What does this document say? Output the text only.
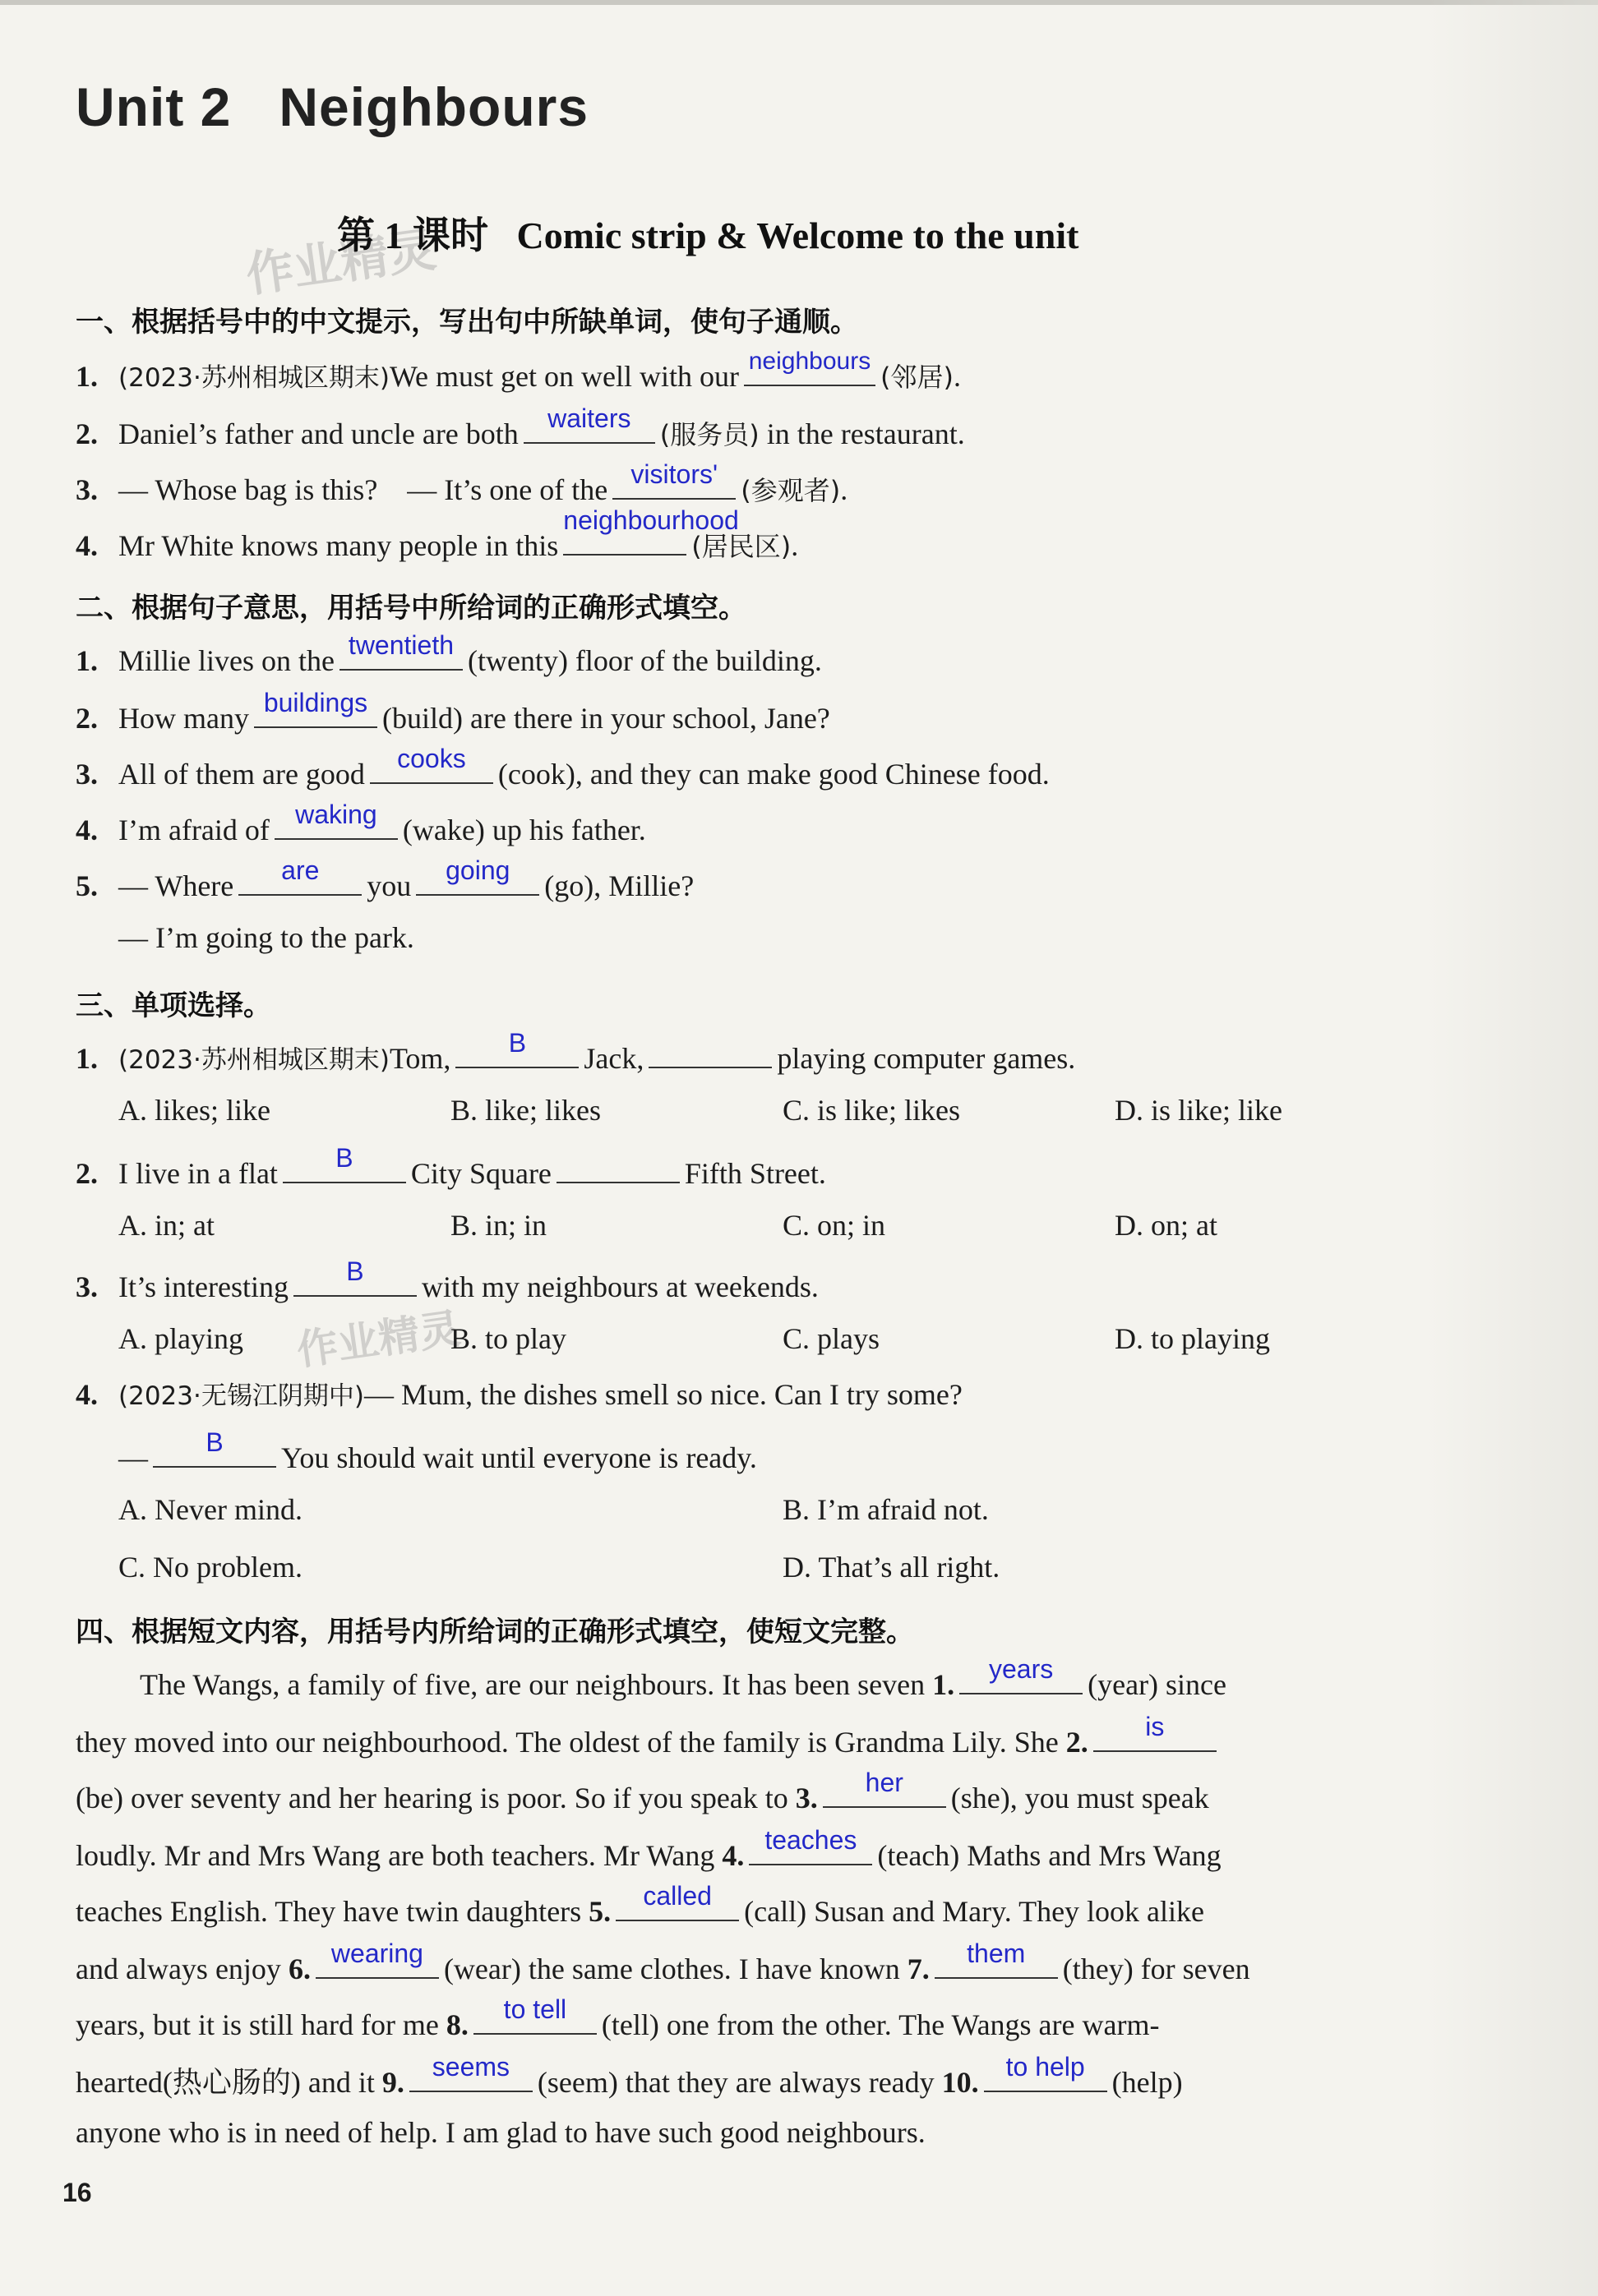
Unit 2   Neighbours
作业精灵
第 1 课时   Comic strip & Welcome to the unit
一、根据括号中的中文提示，写出句中所缺单词，使句子通顺。
1. (2023·苏州相城区期末)We must get on well with our neighbours
(邻居).
2. Daniel’s father and uncle are both	waiters
(服务员) in the restaurant.
3. — Whose bag is this?    — It’s one of the visitors'
(参观者).
4. Mr White knows many people in this
neighbourhood
(居民区).
二、根据句子意思，用括号中所给词的正确形式填空。
1. Millie lives on the twentieth (twenty) floor of the building.
2. How many buildings (build) are there in your school, Jane?
3. All of them are good	cooks	(cook), and they can make good Chinese food.
4. I’m afraid of waking (wake) up his father.
5. — Where	are	you	going	(go), Millie?
— I’m going to the park.
三、单项选择。
1. (2023·苏州相城区期末)Tom,	B	Jack,	playing computer games.
A. likes; like	B. like; likes	C. is like; likes	D. is like; like
2. I live in a flat	B	City Square	Fifth Street.
A. in; at	B. in; in	C. on; in	D. on; at
3. It’s interesting	B	with my neighbours at weekends.
作业精灵
A. playing	B. to play	C. plays	D. to playing
4. (2023·无锡江阴期中)— Mum, the dishes smell so nice. Can I try some?
—	B	You should wait until everyone is ready.
A. Never mind.	B. I’m afraid not.
C. No problem.	D. That’s all right.
四、根据短文内容，用括号内所给词的正确形式填空，使短文完整。
The Wangs, a family of five, are our neighbours. It has been seven 1.	years	(year) since
they moved into our neighbourhood. The oldest of the family is Grandma Lily. She 2.	is
(be) over seventy and her hearing is poor. So if you speak to 3.	her	(she), you must speak
loudly. Mr and Mrs Wang are both teachers. Mr Wang 4. teaches (teach) Maths and Mrs Wang
teaches English. They have twin daughters 5.	called	(call) Susan and Mary. They look alike
and always enjoy 6. wearing (wear) the same clothes. I have known 7.	them	(they) for seven
years, but it is still hard for me 8.	to tell	(tell) one from the other. The Wangs are warm-
hearted(热心肠的) and it 9.	seems (seem) that they are always ready 10.	to help (help)
anyone who is in need of help. I am glad to have such good neighbours.
16
